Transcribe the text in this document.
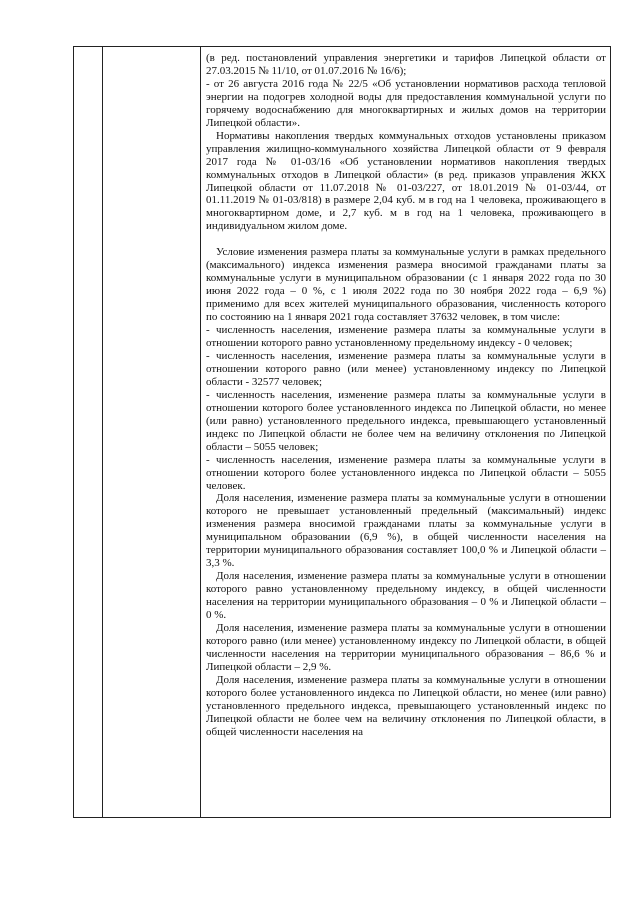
(в ред. постановлений управления энергетики и тарифов Липецкой области от 27.03.2015 № 11/10, от 01.07.2016 № 16/6);

- от 26 августа 2016 года № 22/5 «Об установлении нормативов расхода тепловой энергии на подогрев холодной воды для предоставления коммунальной услуги по горячему водоснабжению для многоквартирных и жилых домов на территории Липецкой области».

Нормативы накопления твердых коммунальных отходов установлены приказом управления жилищно-коммунального хозяйства Липецкой области от 9 февраля 2017 года № 01-03/16 «Об установлении нормативов накопления твердых коммунальных отходов в Липецкой области» (в ред. приказов управления ЖКХ Липецкой области от 11.07.2018 № 01-03/227, от 18.01.2019 № 01-03/44, от 01.11.2019 № 01-03/818) в размере 2,04 куб. м в год на 1 человека, проживающего в многоквартирном доме, и 2,7 куб. м в год на 1 человека, проживающего в индивидуальном жилом доме.

Условие изменения размера платы за коммунальные услуги в рамках предельного (максимального) индекса изменения размера вносимой гражданами платы за коммунальные услуги в муниципальном образовании (с 1 января 2022 года по 30 июня 2022 года – 0 %, с 1 июля 2022 года по 30 ноября 2022 года – 6,9 %) применимо для всех жителей муниципального образования, численность которого по состоянию на 1 января 2021 года составляет 37632 человек, в том числе:

- численность населения, изменение размера платы за коммунальные услуги в отношении которого равно установленному предельному индексу - 0 человек;

- численность населения, изменение размера платы за коммунальные услуги в отношении которого равно (или менее) установленному индексу по Липецкой области - 32577 человек;

- численность населения, изменение размера платы за коммунальные услуги в отношении которого более установленного индекса по Липецкой области, но менее (или равно) установленного предельного индекса, превышающего установленный индекс по Липецкой области не более чем на величину отклонения по Липецкой области – 5055 человек;

- численность населения, изменение размера платы за коммунальные услуги в отношении которого более установленного индекса по Липецкой области – 5055 человек.

Доля населения, изменение размера платы за коммунальные услуги в отношении которого не превышает установленный предельный (максимальный) индекс изменения размера вносимой гражданами платы за коммунальные услуги в муниципальном образовании (6,9 %), в общей численности населения на территории муниципального образования составляет 100,0 % и Липецкой области – 3,3 %.

Доля населения, изменение размера платы за коммунальные услуги в отношении которого равно установленному предельному индексу, в общей численности населения на территории муниципального образования – 0 % и Липецкой области – 0 %.

Доля населения, изменение размера платы за коммунальные услуги в отношении которого равно (или менее) установленному индексу по Липецкой области, в общей численности населения на территории муниципального образования – 86,6 % и Липецкой области – 2,9 %.

Доля населения, изменение размера платы за коммунальные услуги в отношении которого более установленного индекса по Липецкой области, но менее (или равно) установленного предельного индекса, превышающего установленный индекс по Липецкой области не более чем на величину отклонения по Липецкой области, в общей численности населения на
